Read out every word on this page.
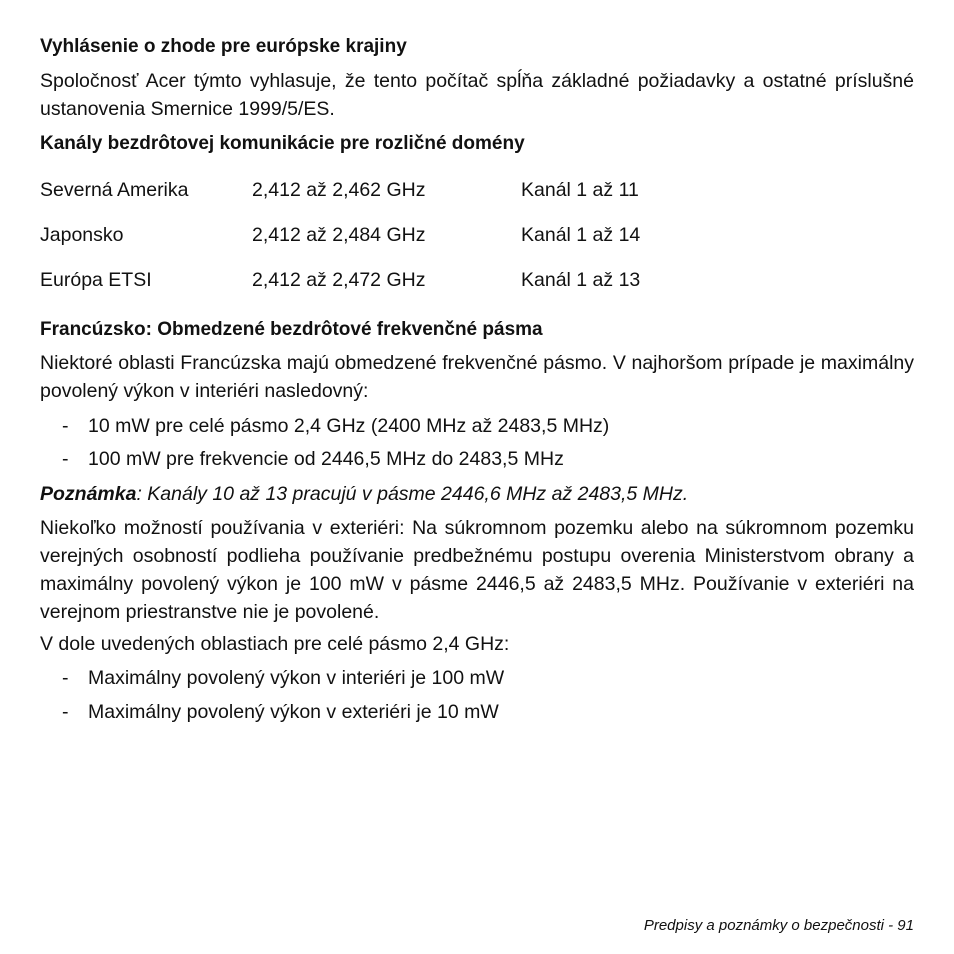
Vyhlásenie o zhode pre európske krajiny

Spoločnosť Acer týmto vyhlasuje, že tento počítač spĺňa základné požiadavky a ostatné príslušné ustanovenia Smernice 1999/5/ES.

Kanály bezdrôtovej komunikácie pre rozličné domény
Severná Amerika	2,412 až 2,462 GHz	Kanál 1 až 11
Japonsko	2,412 až 2,484 GHz	Kanál 1 až 14
Európa ETSI	2,412 až 2,472 GHz	Kanál 1 až 13
Francúzsko: Obmedzené bezdrôtové frekvenčné pásma

Niektoré oblasti Francúzska majú obmedzené frekvenčné pásmo. V najhoršom prípade je maximálny povolený výkon v interiéri nasledovný:

- 10 mW pre celé pásmo 2,4 GHz (2400 MHz až 2483,5 MHz)
- 100 mW pre frekvencie od 2446,5 MHz do 2483,5 MHz
Poznámka: Kanály 10 až 13 pracujú v pásme 2446,6 MHz až 2483,5 MHz.

Niekoľko možností používania v exteriéri: Na súkromnom pozemku alebo na súkromnom pozemku verejných osobností podlieha používanie predbežnému postupu overenia Ministerstvom obrany a maximálny povolený výkon je 100 mW v pásme 2446,5 až 2483,5 MHz. Používanie v exteriéri na verejnom priestranstve nie je povolené.

V dole uvedených oblastiach pre celé pásmo 2,4 GHz:
- Maximálny povolený výkon v interiéri je 100 mW
- Maximálny povolený výkon v exteriéri je 10 mW
Predpisy a poznámky o bezpečnosti - 91
